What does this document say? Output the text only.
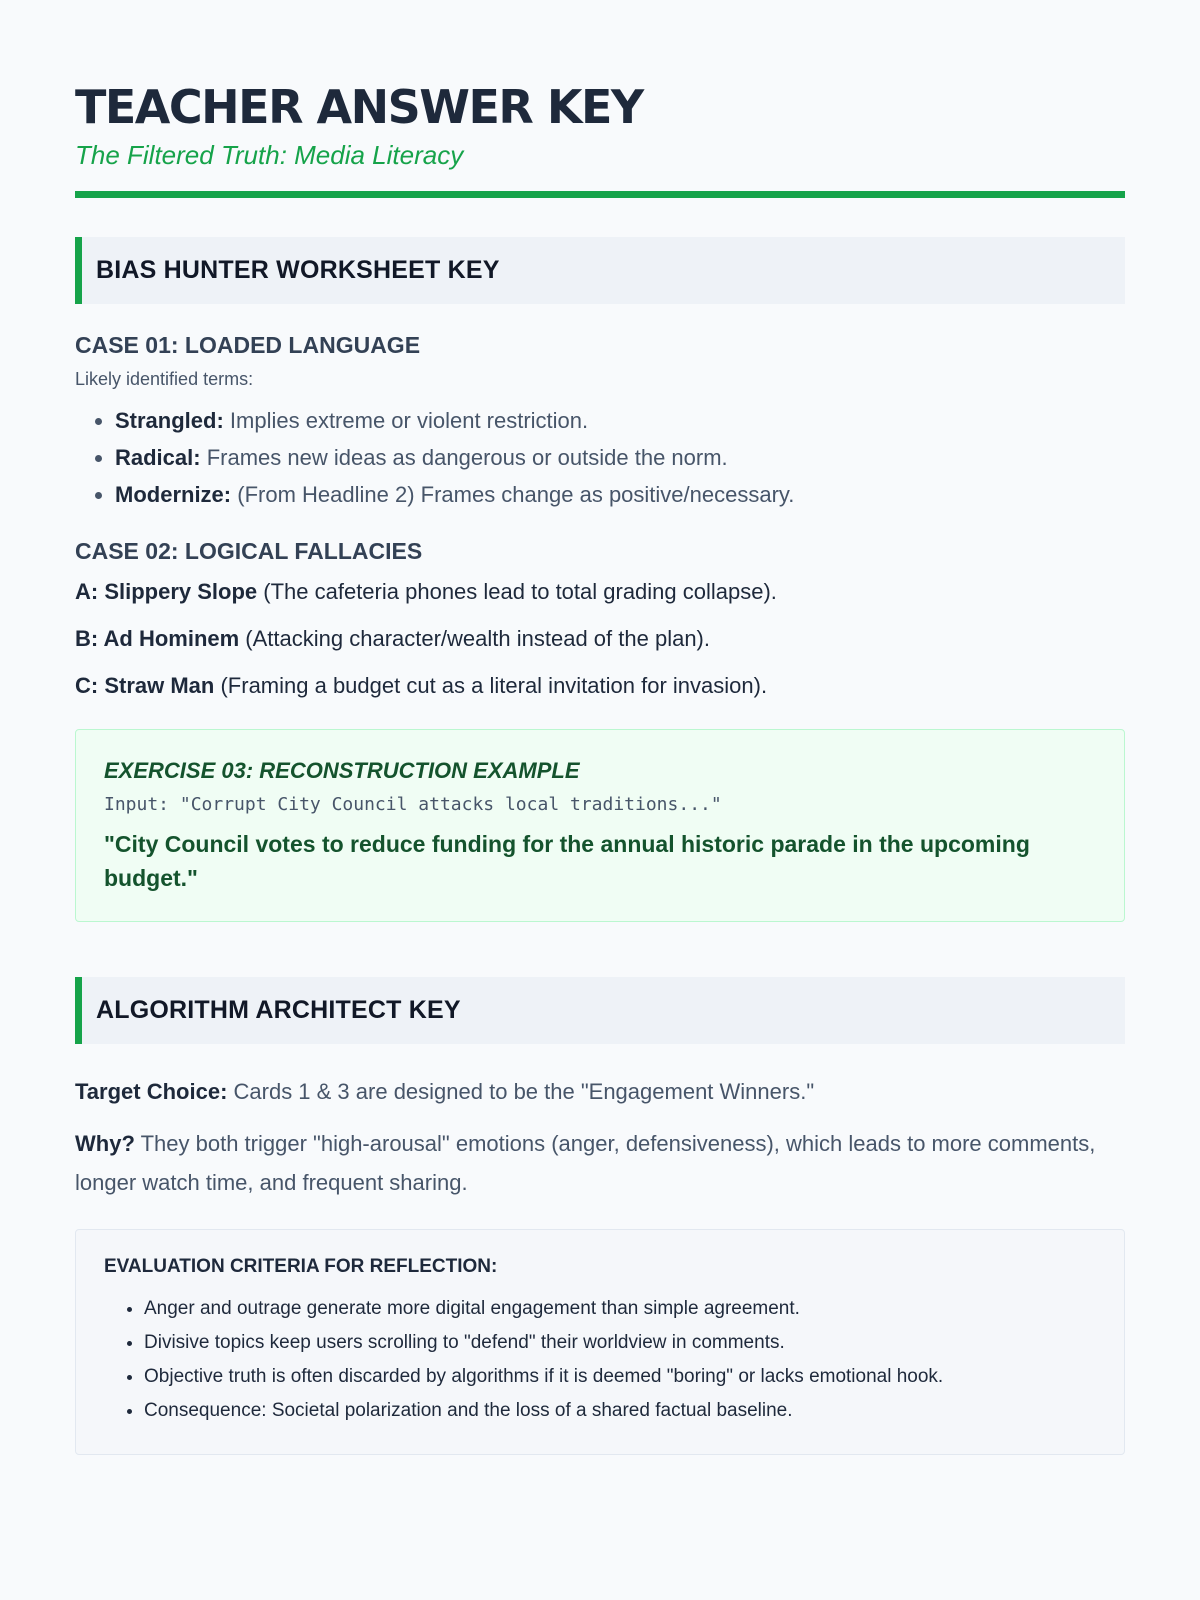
TEACHER ANSWER KEY
The Filtered Truth: Media Literacy
BIAS HUNTER WORKSHEET KEY
CASE 01: LOADED LANGUAGE
Likely identified terms:
• Strangled: Implies extreme or violent restriction.
• Radical: Frames new ideas as dangerous or outside the norm.
• Modernize: (From Headline 2) Frames change as positive/necessary.
CASE 02: LOGICAL FALLACIES
A: Slippery Slope (The cafeteria phones lead to total grading collapse).
B: Ad Hominem (Attacking character/wealth instead of the plan).
C: Straw Man (Framing a budget cut as a literal invitation for invasion).
EXERCISE 03: RECONSTRUCTION EXAMPLE
Input: "Corrupt City Council attacks local traditions..."
"City Council votes to reduce funding for the annual historic parade in the upcoming budget."
ALGORITHM ARCHITECT KEY
Target Choice: Cards 1 & 3 are designed to be the "Engagement Winners."
Why? They both trigger "high-arousal" emotions (anger, defensiveness), which leads to more comments, longer watch time, and frequent sharing.
EVALUATION CRITERIA FOR REFLECTION:
• Anger and outrage generate more digital engagement than simple agreement.
• Divisive topics keep users scrolling to "defend" their worldview in comments.
• Objective truth is often discarded by algorithms if it is deemed "boring" or lacks emotional hook.
• Consequence: Societal polarization and the loss of a shared factual baseline.
